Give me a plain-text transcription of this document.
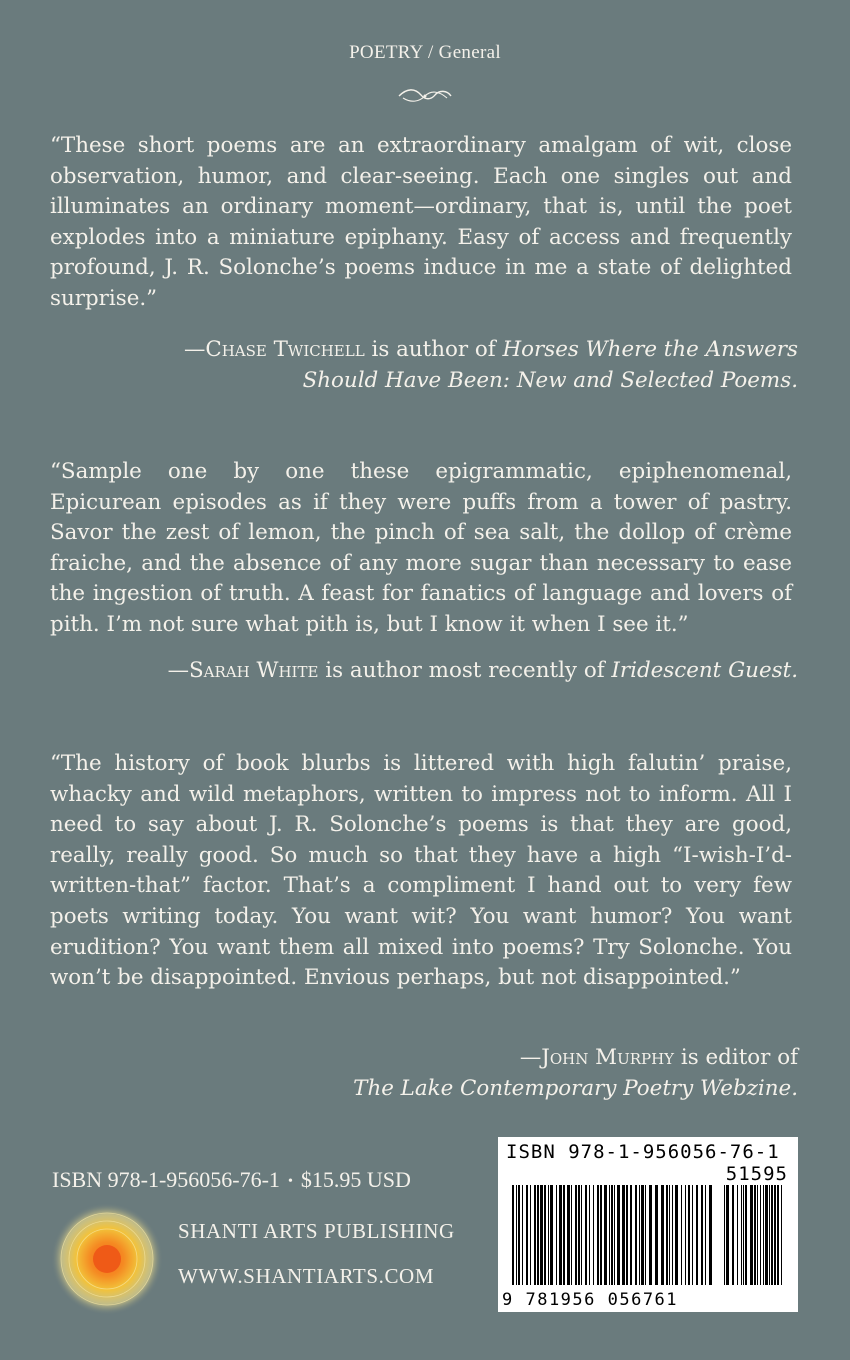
POETRY / General

“These short poems are an extraordinary amalgam of wit, close observation, humor, and clear-seeing. Each one singles out and illuminates an ordinary moment—ordinary, that is, until the poet explodes into a miniature epiphany. Easy of access and frequently profound, J. R. Solonche’s poems induce in me a state of delighted surprise.”

—Chase Twichell is author of Horses Where the Answers
Should Have Been: New and Selected Poems.

“Sample one by one these epigrammatic, epiphenomenal, Epicurean episodes as if they were puffs from a tower of pastry. Savor the zest of lemon, the pinch of sea salt, the dollop of crème fraiche, and the absence of any more sugar than necessary to ease the ingestion of truth. A feast for fanatics of language and lovers of pith. I’m not sure what pith is, but I know it when I see it.”

—Sarah White is author most recently of Iridescent Guest.

“The history of book blurbs is littered with high falutin’ praise, whacky and wild metaphors, written to impress not to inform. All I need to say about J. R. Solonche’s poems is that they are good, really, really good. So much so that they have a high “I-wish-I’d-written-that” factor. That’s a compliment I hand out to very few poets writing today. You want wit? You want humor? You want erudition? You want them all mixed into poems? Try Solonche. You won’t be disappointed. Envious perhaps, but not disappointed.”

—John Murphy is editor of
The Lake Contemporary Poetry Webzine.

ISBN 978-1-956056-76-1 • $15.95 USD
SHANTI ARTS PUBLISHING
WWW.SHANTIARTS.COM
ISBN 978-1-956056-76-1
51595
9 781956 056761
